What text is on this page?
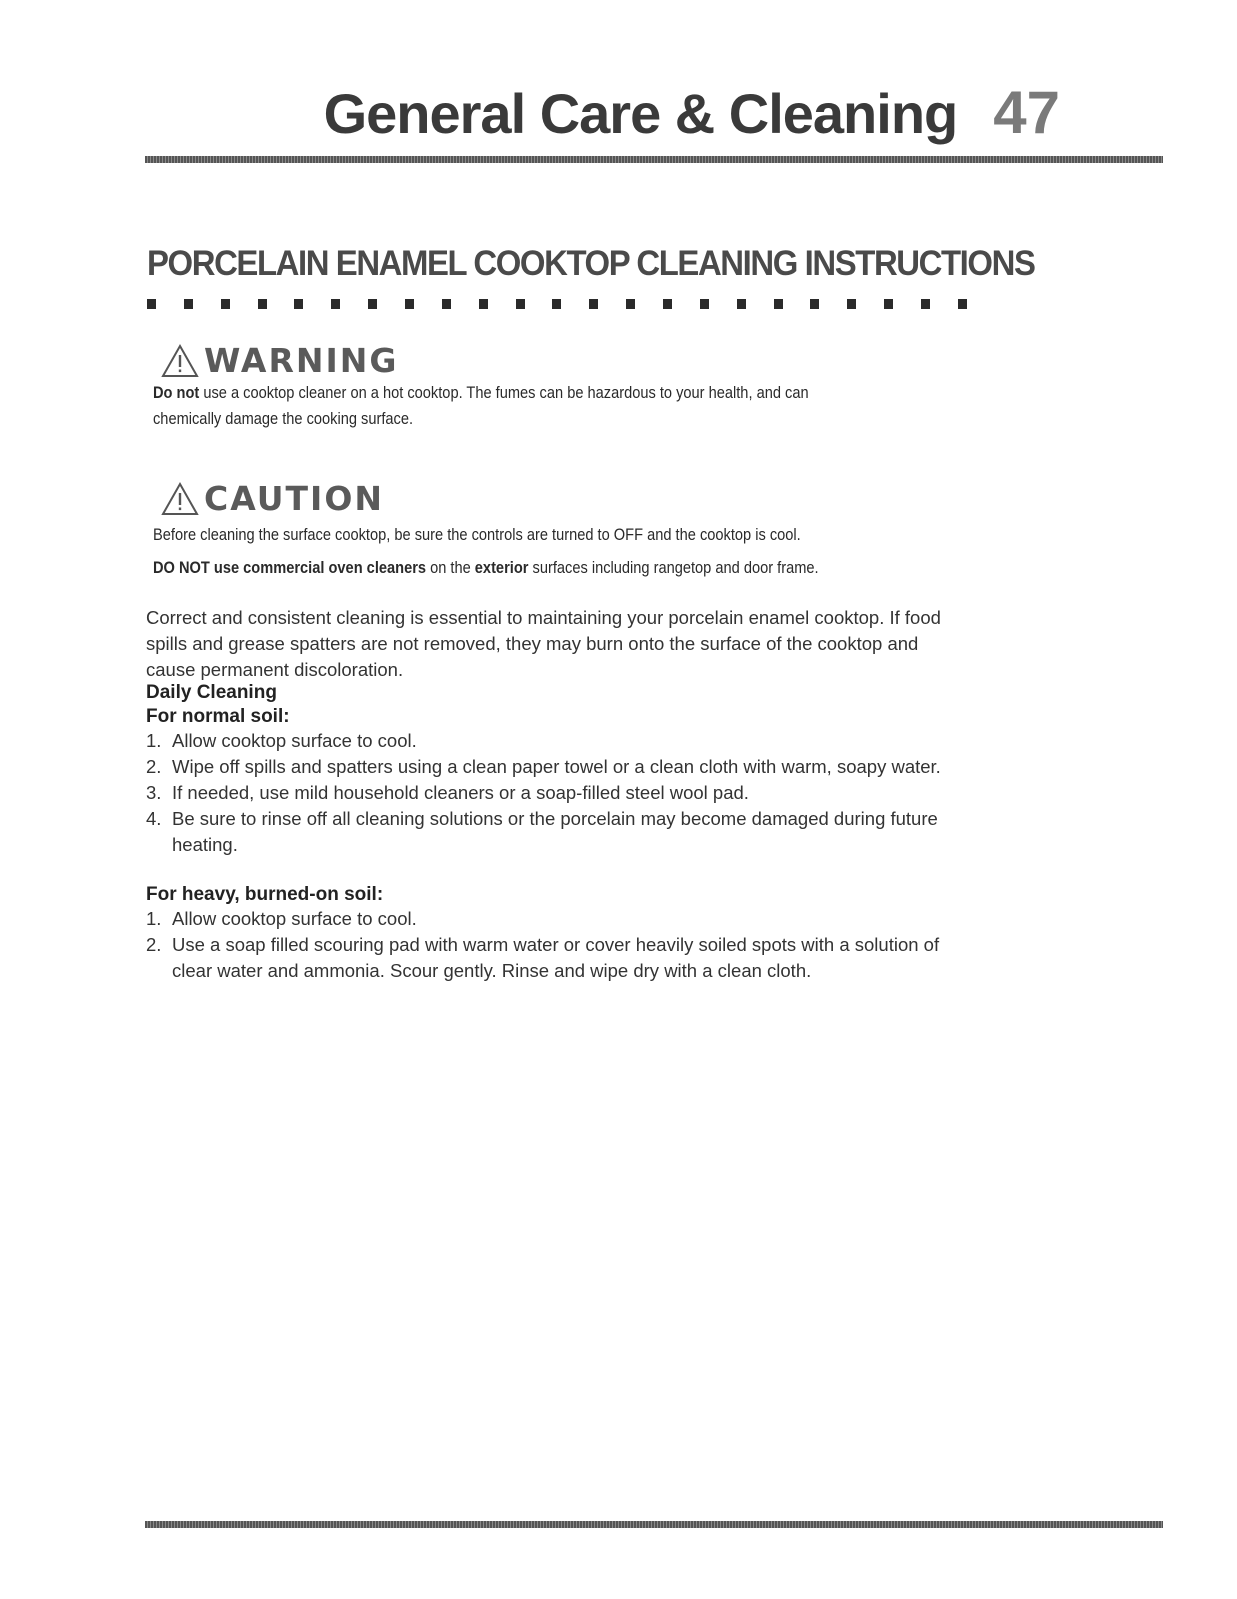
General Care & Cleaning 47
PORCELAIN ENAMEL COOKTOP CLEANING INSTRUCTIONS
WARNING
Do not use a cooktop cleaner on a hot cooktop. The fumes can be hazardous to your health, and can chemically damage the cooking surface.
CAUTION
Before cleaning the surface cooktop, be sure the controls are turned to OFF and the cooktop is cool.
DO NOT use commercial oven cleaners on the exterior surfaces including rangetop and door frame.
Correct and consistent cleaning is essential to maintaining your porcelain enamel cooktop. If food spills and grease spatters are not removed, they may burn onto the surface of the cooktop and cause permanent discoloration.
Daily Cleaning
For normal soil:
1. Allow cooktop surface to cool.
2. Wipe off spills and spatters using a clean paper towel or a clean cloth with warm, soapy water.
3. If needed, use mild household cleaners or a soap-filled steel wool pad.
4. Be sure to rinse off all cleaning solutions or the porcelain may become damaged during future heating.
For heavy, burned-on soil:
1. Allow cooktop surface to cool.
2. Use a soap filled scouring pad with warm water or cover heavily soiled spots with a solution of clear water and ammonia. Scour gently. Rinse and wipe dry with a clean cloth.
